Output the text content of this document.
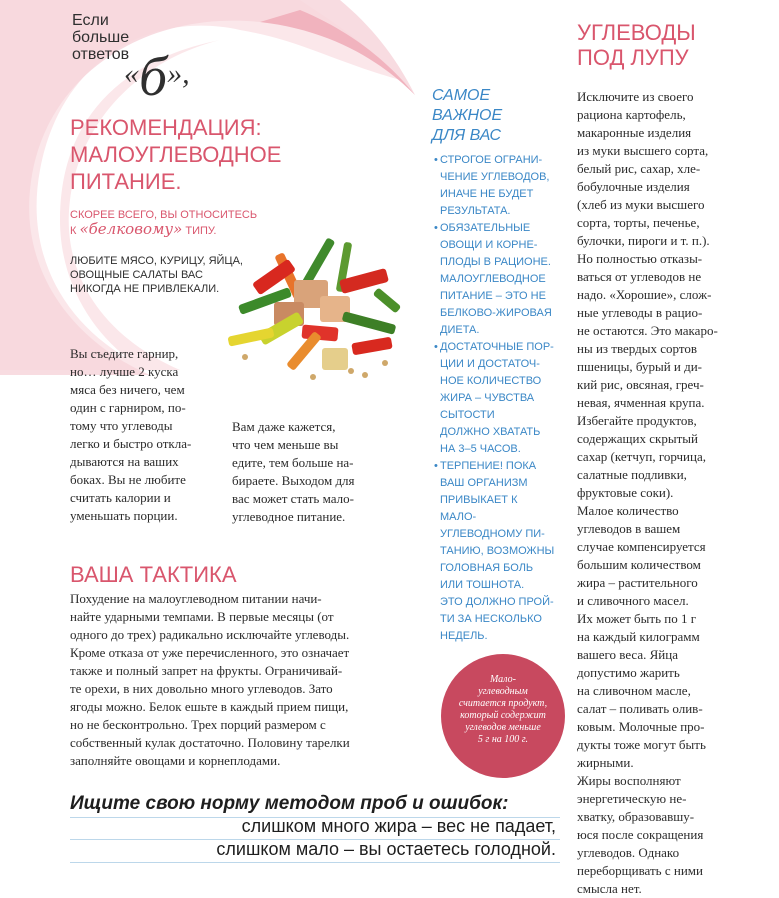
Если
больше
ответов
«б»,
РЕКОМЕНДАЦИЯ:
МАЛОУГЛЕВОДНОЕ
ПИТАНИЕ.
СКОРЕЕ ВСЕГО, ВЫ ОТНОСИТЕСЬ
К «белковому» ТИПУ.
ЛЮБИТЕ МЯСО, КУРИЦУ, ЯЙЦА,
ОВОЩНЫЕ САЛАТЫ ВАС
НИКОГДА НЕ ПРИВЛЕКАЛИ.
Вы съедите гарнир,
но… лучше 2 куска
мяса без ничего, чем
один с гарниром, по-
тому что углеводы
легко и быстро откла-
дываются на ваших
боках. Вы не любите
считать калории и
уменьшать порции.
Вам даже кажется,
что чем меньше вы
едите, тем больше на-
бираете. Выходом для
вас может стать мало-
углеводное питание.
ВАША ТАКТИКА
Похудение на малоуглеводном питании начи-
найте ударными темпами. В первые месяцы (от
одного до трех) радикально исключайте углеводы.
Кроме отказа от уже перечисленного, это означает
также и полный запрет на фрукты. Ограничивай-
те орехи, в них довольно много углеводов. Зато
ягоды можно. Белок ешьте в каждый прием пищи,
но не бесконтрольно. Трех порций размером с
собственный кулак достаточно. Половину тарелки
заполняйте овощами и корнеплодами.
САМОЕ
ВАЖНОЕ
ДЛЯ ВАС
•
СТРОГОЕ ОГРАНИ-
ЧЕНИЕ УГЛЕВОДОВ,
ИНАЧЕ НЕ БУДЕТ
РЕЗУЛЬТАТА.
•
ОБЯЗАТЕЛЬНЫЕ
ОВОЩИ И КОРНЕ-
ПЛОДЫ В РАЦИОНЕ.
МАЛОУГЛЕВОДНОЕ
ПИТАНИЕ – ЭТО НЕ
БЕЛКОВО-ЖИРОВАЯ
ДИЕТА.
•
ДОСТАТОЧНЫЕ ПОР-
ЦИИ И ДОСТАТОЧ-
НОЕ КОЛИЧЕСТВО
ЖИРА – ЧУВСТВА
СЫТОСТИ
ДОЛЖНО ХВАТАТЬ
НА 3–5 ЧАСОВ.
•
ТЕРПЕНИЕ! ПОКА
ВАШ ОРГАНИЗМ
ПРИВЫКАЕТ К МАЛО-
УГЛЕВОДНОМУ ПИ-
ТАНИЮ, ВОЗМОЖНЫ
ГОЛОВНАЯ БОЛЬ
ИЛИ ТОШНОТА.
ЭТО ДОЛЖНО ПРОЙ-
ТИ ЗА НЕСКОЛЬКО
НЕДЕЛЬ.
Мало-
углеводным
считается продукт,
который содержит
углеводов меньше
5 г на 100 г.
УГЛЕВОДЫ
ПОД ЛУПУ
Исключите из своего
рациона картофель,
макаронные изделия
из муки высшего сорта,
белый рис, сахар, хле-
бобулочные изделия
(хлеб из муки высшего
сорта, торты, печенье,
булочки, пироги и т. п.).
Но полностью отказы-
ваться от углеводов не
надо. «Хорошие», слож-
ные углеводы в рацио-
не остаются. Это макаро-
ны из твердых сортов
пшеницы, бурый и ди-
кий рис, овсяная, греч-
невая, ячменная крупа.
Избегайте продуктов,
содержащих скрытый
сахар (кетчуп, горчица,
салатные подливки,
фруктовые соки).
Малое количество
углеводов в вашем
случае компенсируется
большим количеством
жира – растительного
и сливочного масел.
Их может быть по 1 г
на каждый килограмм
вашего веса. Яйца
допустимо жарить
на сливочном масле,
салат – поливать олив-
ковым. Молочные про-
дукты тоже могут быть
жирными.
Жиры восполняют
энергетическую не-
хватку, образовавшу-
юся после сокращения
углеводов. Однако
переборщивать с ними
смысла нет.
Ищите свою норму методом проб и ошибок:
слишком много жира – вес не падает,
слишком мало – вы остаетесь голодной.
